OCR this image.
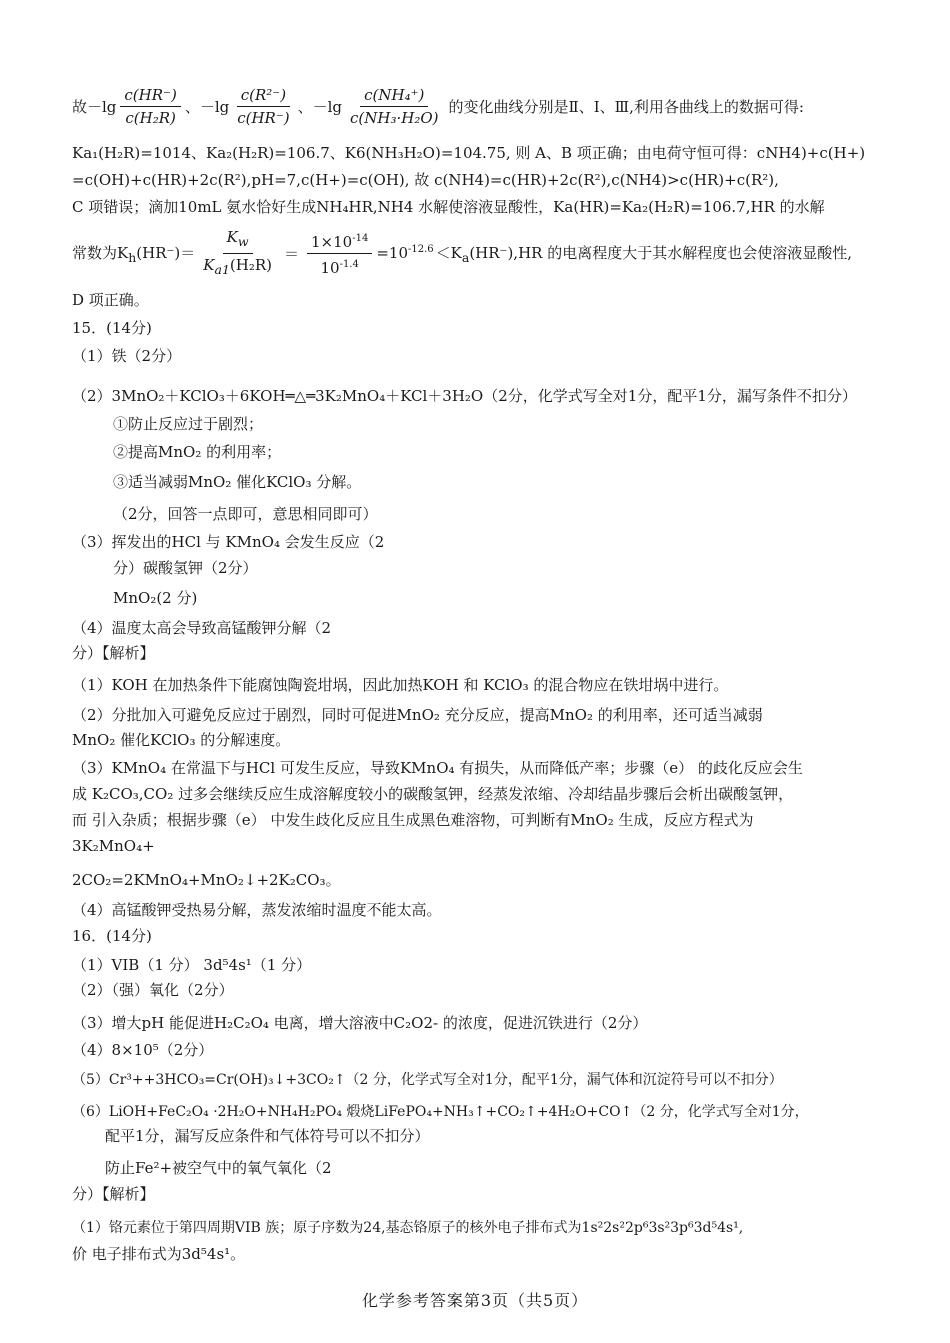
故$-\lg \frac{c(HR^-)}{\text{c(H₂R)}}$ 、$-\lg \frac{\text{c(R²⁻)}}{c(HR^-)}$ 、$-\lg \frac{\text{c(NH₄⁺)}}{\text{c(NH₃·H₂O)}}$ 的变化曲线分别是Ⅱ、Ⅰ、Ⅲ,利用各曲线上的数据可得:
Ka₁(H₂R)=1014、Ka₂(H₂R)=106.7、K6(NH₃H₂O)=104.75, 则 A、B 项正确；由电荷守恒可得：cNH4)+c(H+)
=c(OH)+c(HR)+2c(R²),pH=7,c(H+)=c(OH), 故 c(NH4)=c(HR)+2c(R²),c(NH4)>c(HR)+c(R²),
C 项错误；滴加10mL 氨水恰好生成NH₄HR,NH4 水解使溶液显酸性，Ka(HR)=Ka₂(H₂R)=106.7,HR 的水解
常数为$K_h(HR^-)= \frac{K_w}{K_{a1}(H_2R)} = \frac{1\times 10^{-14}}{10^{-1.4}} =10^{-12.6} <K_a(HR^-),HR$ 的电离程度大于其水解程度也会使溶液显酸性,
D 项正确。
15．(14分)
（1）铁（2分）
（2）3MnO₂＋KClO₃＋6KOH═△═3K₂MnO₄＋KCl＋3H₂O（2分，化学式写全对1分，配平1分，漏写条件不扣分）
①防止反应过于剧烈；
②提高MnO₂ 的利用率；
③适当减弱MnO₂ 催化KClO₃ 分解。
（2分，回答一点即可，意思相同即可）
（3）挥发出的HCl 与 KMnO₄ 会发生反应（2
分）碳酸氢钾（2分）
MnO₂(2 分)
（4）温度太高会导致高锰酸钾分解（2
分）【解析】
（1）KOH 在加热条件下能腐蚀陶瓷坩埚，因此加热KOH 和 KClO₃ 的混合物应在铁坩埚中进行。
（2）分批加入可避免反应过于剧烈，同时可促进MnO₂ 充分反应，提高MnO₂ 的利用率，还可适当减弱
MnO₂ 催化KClO₃ 的分解速度。
（3）KMnO₄ 在常温下与HCl 可发生反应，导致KMnO₄ 有损失，从而降低产率；步骤（e） 的歧化反应会生
成 K₂CO₃,CO₂ 过多会继续反应生成溶解度较小的碳酸氢钾，经蒸发浓缩、冷却结晶步骤后会析出碳酸氢钾，
而 引入杂质；根据步骤（e） 中发生歧化反应且生成黑色难溶物，可判断有MnO₂ 生成，反应方程式为
3K₂MnO₄+
2CO₂=2KMnO₄+MnO₂↓+2K₂CO₃。
（4）高锰酸钾受热易分解，蒸发浓缩时温度不能太高。
16．(14分)
（1）VIB（1 分） 3d⁵4s¹（1 分）
（2）（强）氧化（2分）
（3）增大pH 能促进H₂C₂O₄ 电离，增大溶液中C₂O2- 的浓度，促进沉铁进行（2分）
（4）8×10⁵（2分）
（5）Cr³++3HCO₃=Cr(OH)₃↓+3CO₂↑（2 分，化学式写全对1分，配平1分，漏气体和沉淀符号可以不扣分）
（6）LiOH+FeC₂O₄ ·2H₂O+NH₄H₂PO₄ 煅烧LiFePO₄+NH₃↑+CO₂↑+4H₂O+CO↑（2 分，化学式写全对1分，
配平1分，漏写反应条件和气体符号可以不扣分）
防止Fe²+被空气中的氧气氧化（2
分）【解析】
（1）铬元素位于第四周期VIB 族；原子序数为24,基态铬原子的核外电子排布式为1s²2s²2p⁶3s²3p⁶3d⁵4s¹,
价 电子排布式为3d⁵4s¹。
化学参考答案第3页（共5页）
